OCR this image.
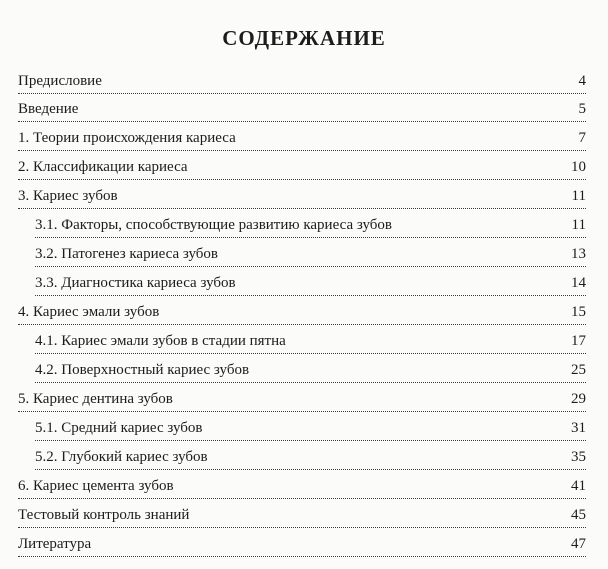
СОДЕРЖАНИЕ
Предисловие	4
Введение	5
1. Теории происхождения кариеса	7
2. Классификации кариеса	10
3. Кариес зубов	11
3.1. Факторы, способствующие развитию кариеса зубов	11
3.2. Патогенез кариеса зубов	13
3.3. Диагностика кариеса зубов	14
4. Кариес эмали зубов	15
4.1. Кариес эмали зубов в стадии пятна	17
4.2. Поверхностный кариес зубов	25
5. Кариес дентина зубов	29
5.1. Средний кариес зубов	31
5.2. Глубокий кариес зубов	35
6. Кариес цемента зубов	41
Тестовый контроль знаний	45
Литература	47
